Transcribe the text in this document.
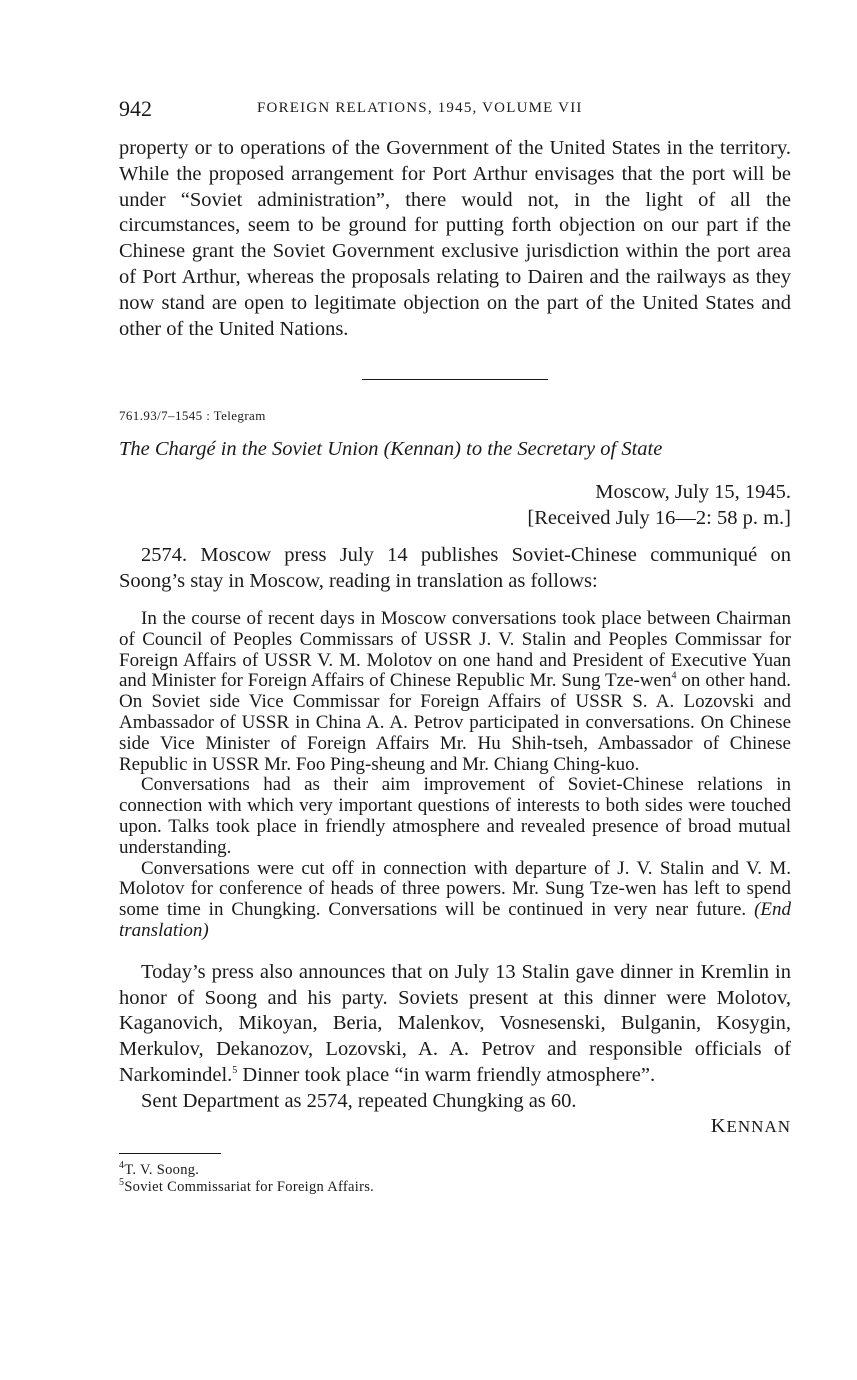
942	FOREIGN RELATIONS, 1945, VOLUME VII

property or to operations of the Government of the United States in the territory. While the proposed arrangement for Port Arthur envisages that the port will be under “Soviet administration”, there would not, in the light of all the circumstances, seem to be ground for putting forth objection on our part if the Chinese grant the Soviet Government exclusive jurisdiction within the port area of Port Arthur, whereas the proposals relating to Dairen and the railways as they now stand are open to legitimate objection on the part of the United States and other of the United Nations.

761.93/7–1545 : Telegram

The Chargé in the Soviet Union (Kennan) to the Secretary of State

Moscow, July 15, 1945.

[Received July 16—2: 58 p. m.]

2574. Moscow press July 14 publishes Soviet-Chinese communiqué on Soong’s stay in Moscow, reading in translation as follows:

In the course of recent days in Moscow conversations took place between Chairman of Council of Peoples Commissars of USSR J. V. Stalin and Peoples Commissar for Foreign Affairs of USSR V. M. Molotov on one hand and President of Executive Yuan and Minister for Foreign Affairs of Chinese Republic Mr. Sung Tze-wen$^4$ on other hand. On Soviet side Vice Commissar for Foreign Affairs of USSR S. A. Lozovski and Ambassador of USSR in China A. A. Petrov participated in conversations. On Chinese side Vice Minister of Foreign Affairs Mr. Hu Shih-tseh, Ambassador of Chinese Republic in USSR Mr. Foo Ping-sheung and Mr. Chiang Ching-kuo.

Conversations had as their aim improvement of Soviet-Chinese relations in connection with which very important questions of interests to both sides were touched upon. Talks took place in friendly atmosphere and revealed presence of broad mutual understanding.

Conversations were cut off in connection with departure of J. V. Stalin and V. M. Molotov for conference of heads of three powers. Mr. Sung Tze-wen has left to spend some time in Chungking. Conversations will be continued in very near future. (End translation)

Today’s press also announces that on July 13 Stalin gave dinner in Kremlin in honor of Soong and his party. Soviets present at this dinner were Molotov, Kaganovich, Mikoyan, Beria, Malenkov, Vosnesenski, Bulganin, Kosygin, Merkulov, Dekanozov, Lozovski, A. A. Petrov and responsible officials of Narkomindel.$^5$ Dinner took place “in warm friendly atmosphere”.

Sent Department as 2574, repeated Chungking as 60.

KENNAN

$^4$T. V. Soong.

$^5$Soviet Commissariat for Foreign Affairs.
